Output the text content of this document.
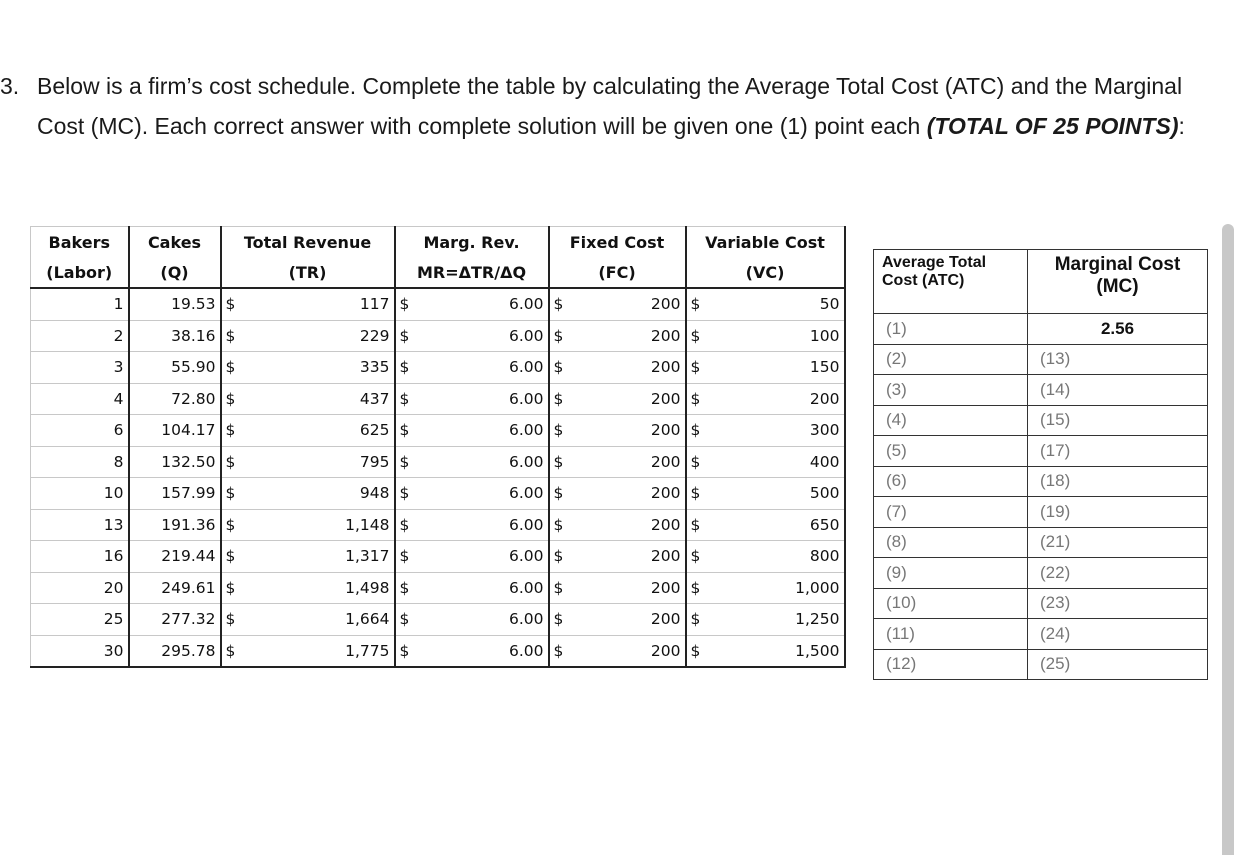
3. Below is a firm’s cost schedule. Complete the table by calculating the Average Total Cost (ATC) and the Marginal Cost (MC). Each correct answer with complete solution will be given one (1) point each (TOTAL OF 25 POINTS):
Bakers	Cakes	Total Revenue		Marg. Rev.		Fixed Cost		Variable Cost	
(Labor)	(Q)	(TR)		MR=ΔTR/ΔQ		(FC)		(VC)	
1	19.53	$	117	$	6.00	$	200	$	50
2	38.16	$	229	$	6.00	$	200	$	100
3	55.90	$	335	$	6.00	$	200	$	150
4	72.80	$	437	$	6.00	$	200	$	200
6	104.17	$	625	$	6.00	$	200	$	300
8	132.50	$	795	$	6.00	$	200	$	400
10	157.99	$	948	$	6.00	$	200	$	500
13	191.36	$	1,148	$	6.00	$	200	$	650
16	219.44	$	1,317	$	6.00	$	200	$	800
20	249.61	$	1,498	$	6.00	$	200	$	1,000
25	277.32	$	1,664	$	6.00	$	200	$	1,250
30	295.78	$	1,775	$	6.00	$	200	$	1,500
Average Total Cost (ATC)	Marginal Cost (MC)
(1)	2.56
(2)	(13)
(3)	(14)
(4)	(15)
(5)	(17)
(6)	(18)
(7)	(19)
(8)	(21)
(9)	(22)
(10)	(23)
(11)	(24)
(12)	(25)
